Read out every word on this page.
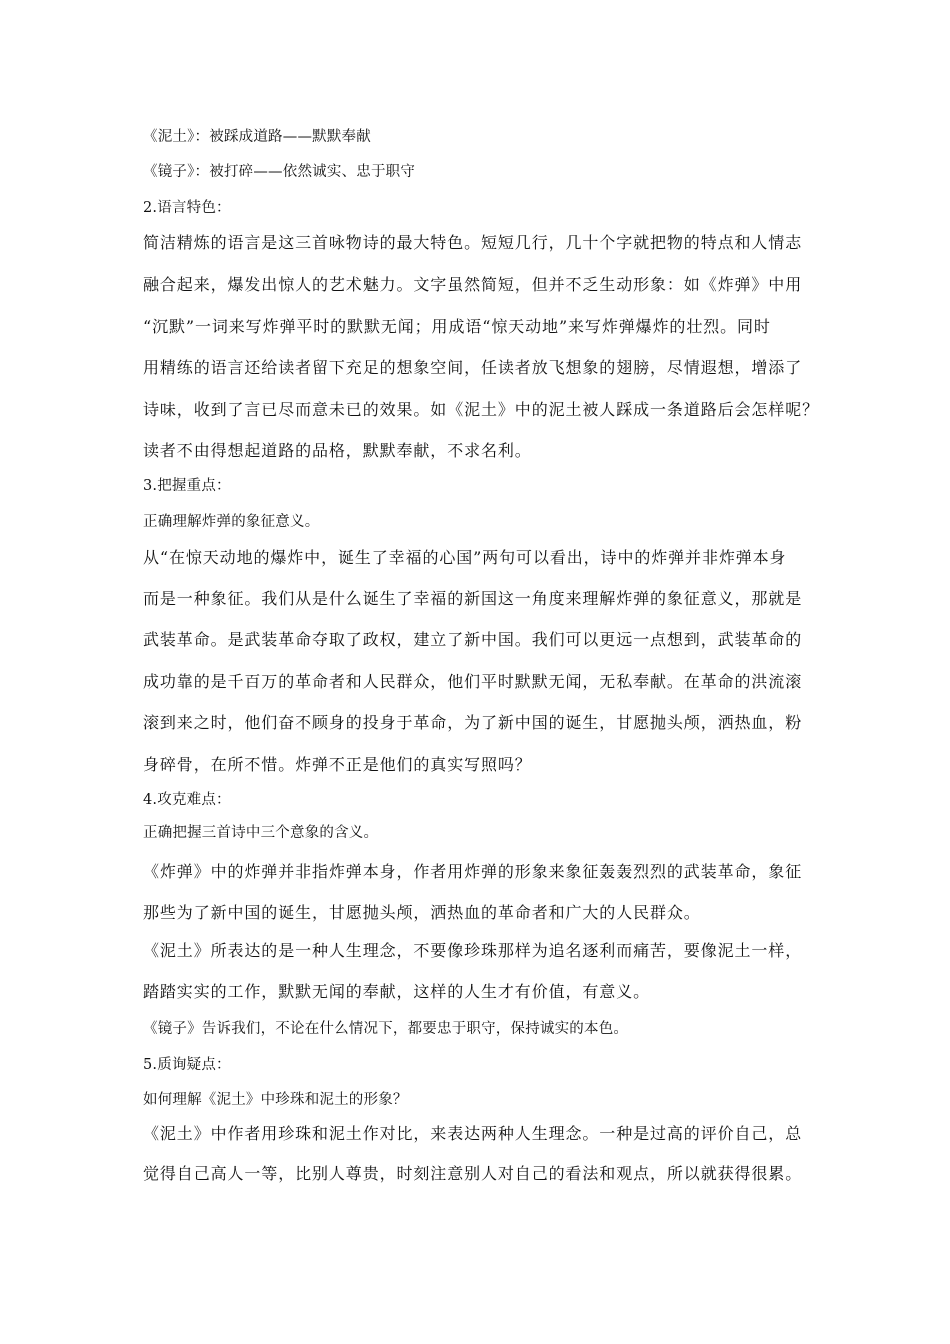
《泥土》：被踩成道路——默默奉献
《镜子》：被打碎——依然诚实、忠于职守
2.语言特色：
简洁精炼的语言是这三首咏物诗的最大特色。短短几行，几十个字就把物的特点和人情志
融合起来，爆发出惊人的艺术魅力。文字虽然简短，但并不乏生动形象：如《炸弹》中用
“沉默”一词来写炸弹平时的默默无闻；用成语“惊天动地”来写炸弹爆炸的壮烈。同时
用精练的语言还给读者留下充足的想象空间，任读者放飞想象的翅膀，尽情遐想，增添了
诗味，收到了言已尽而意未已的效果。如《泥土》中的泥土被人踩成一条道路后会怎样呢？
读者不由得想起道路的品格，默默奉献，不求名利。
3.把握重点：
正确理解炸弹的象征意义。
从“在惊天动地的爆炸中，诞生了幸福的心国”两句可以看出，诗中的炸弹并非炸弹本身
而是一种象征。我们从是什么诞生了幸福的新国这一角度来理解炸弹的象征意义，那就是
武装革命。是武装革命夺取了政权，建立了新中国。我们可以更远一点想到，武装革命的
成功靠的是千百万的革命者和人民群众，他们平时默默无闻，无私奉献。在革命的洪流滚
滚到来之时，他们奋不顾身的投身于革命，为了新中国的诞生，甘愿抛头颅，洒热血，粉
身碎骨，在所不惜。炸弹不正是他们的真实写照吗？
4.攻克难点：
正确把握三首诗中三个意象的含义。
《炸弹》中的炸弹并非指炸弹本身，作者用炸弹的形象来象征轰轰烈烈的武装革命，象征
那些为了新中国的诞生，甘愿抛头颅，洒热血的革命者和广大的人民群众。
《泥土》所表达的是一种人生理念，不要像珍珠那样为追名逐利而痛苦，要像泥土一样，
踏踏实实的工作，默默无闻的奉献，这样的人生才有价值，有意义。
《镜子》告诉我们，不论在什么情况下，都要忠于职守，保持诚实的本色。
5.质询疑点：
如何理解《泥土》中珍珠和泥土的形象？
《泥土》中作者用珍珠和泥土作对比，来表达两种人生理念。一种是过高的评价自己，总
觉得自己高人一等，比别人尊贵，时刻注意别人对自己的看法和观点，所以就获得很累。
